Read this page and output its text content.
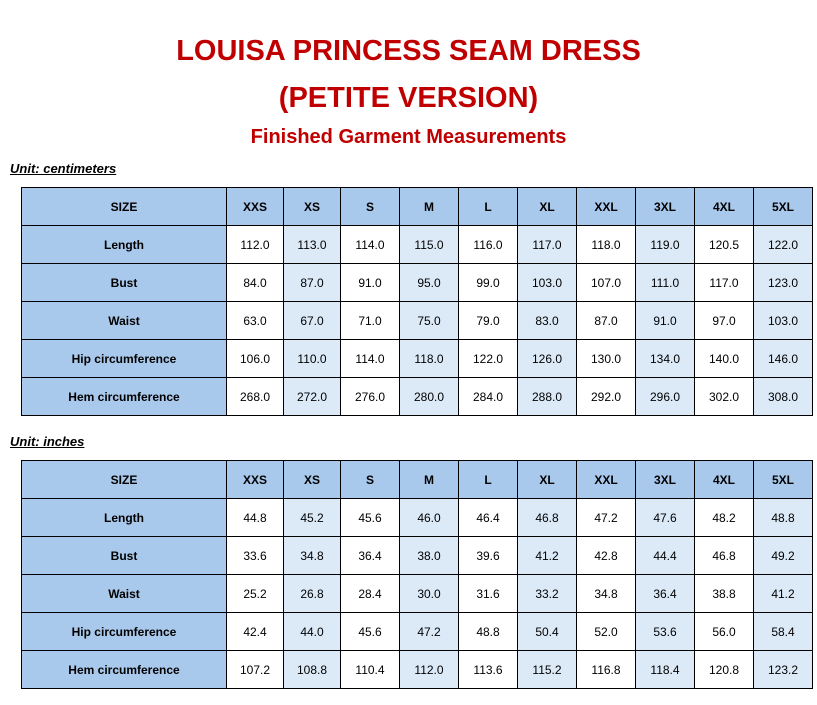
LOUISA PRINCESS SEAM DRESS
(PETITE VERSION)
Finished Garment Measurements
Unit: centimeters
SIZE	XXS	XS	S	M	L	XL	XXL	3XL	4XL	5XL
Length	112.0	113.0	114.0	115.0	116.0	117.0	118.0	119.0	120.5	122.0
Bust	84.0	87.0	91.0	95.0	99.0	103.0	107.0	111.0	117.0	123.0
Waist	63.0	67.0	71.0	75.0	79.0	83.0	87.0	91.0	97.0	103.0
Hip circumference	106.0	110.0	114.0	118.0	122.0	126.0	130.0	134.0	140.0	146.0
Hem circumference	268.0	272.0	276.0	280.0	284.0	288.0	292.0	296.0	302.0	308.0
Unit: inches
SIZE	XXS	XS	S	M	L	XL	XXL	3XL	4XL	5XL
Length	44.8	45.2	45.6	46.0	46.4	46.8	47.2	47.6	48.2	48.8
Bust	33.6	34.8	36.4	38.0	39.6	41.2	42.8	44.4	46.8	49.2
Waist	25.2	26.8	28.4	30.0	31.6	33.2	34.8	36.4	38.8	41.2
Hip circumference	42.4	44.0	45.6	47.2	48.8	50.4	52.0	53.6	56.0	58.4
Hem circumference	107.2	108.8	110.4	112.0	113.6	115.2	116.8	118.4	120.8	123.2
